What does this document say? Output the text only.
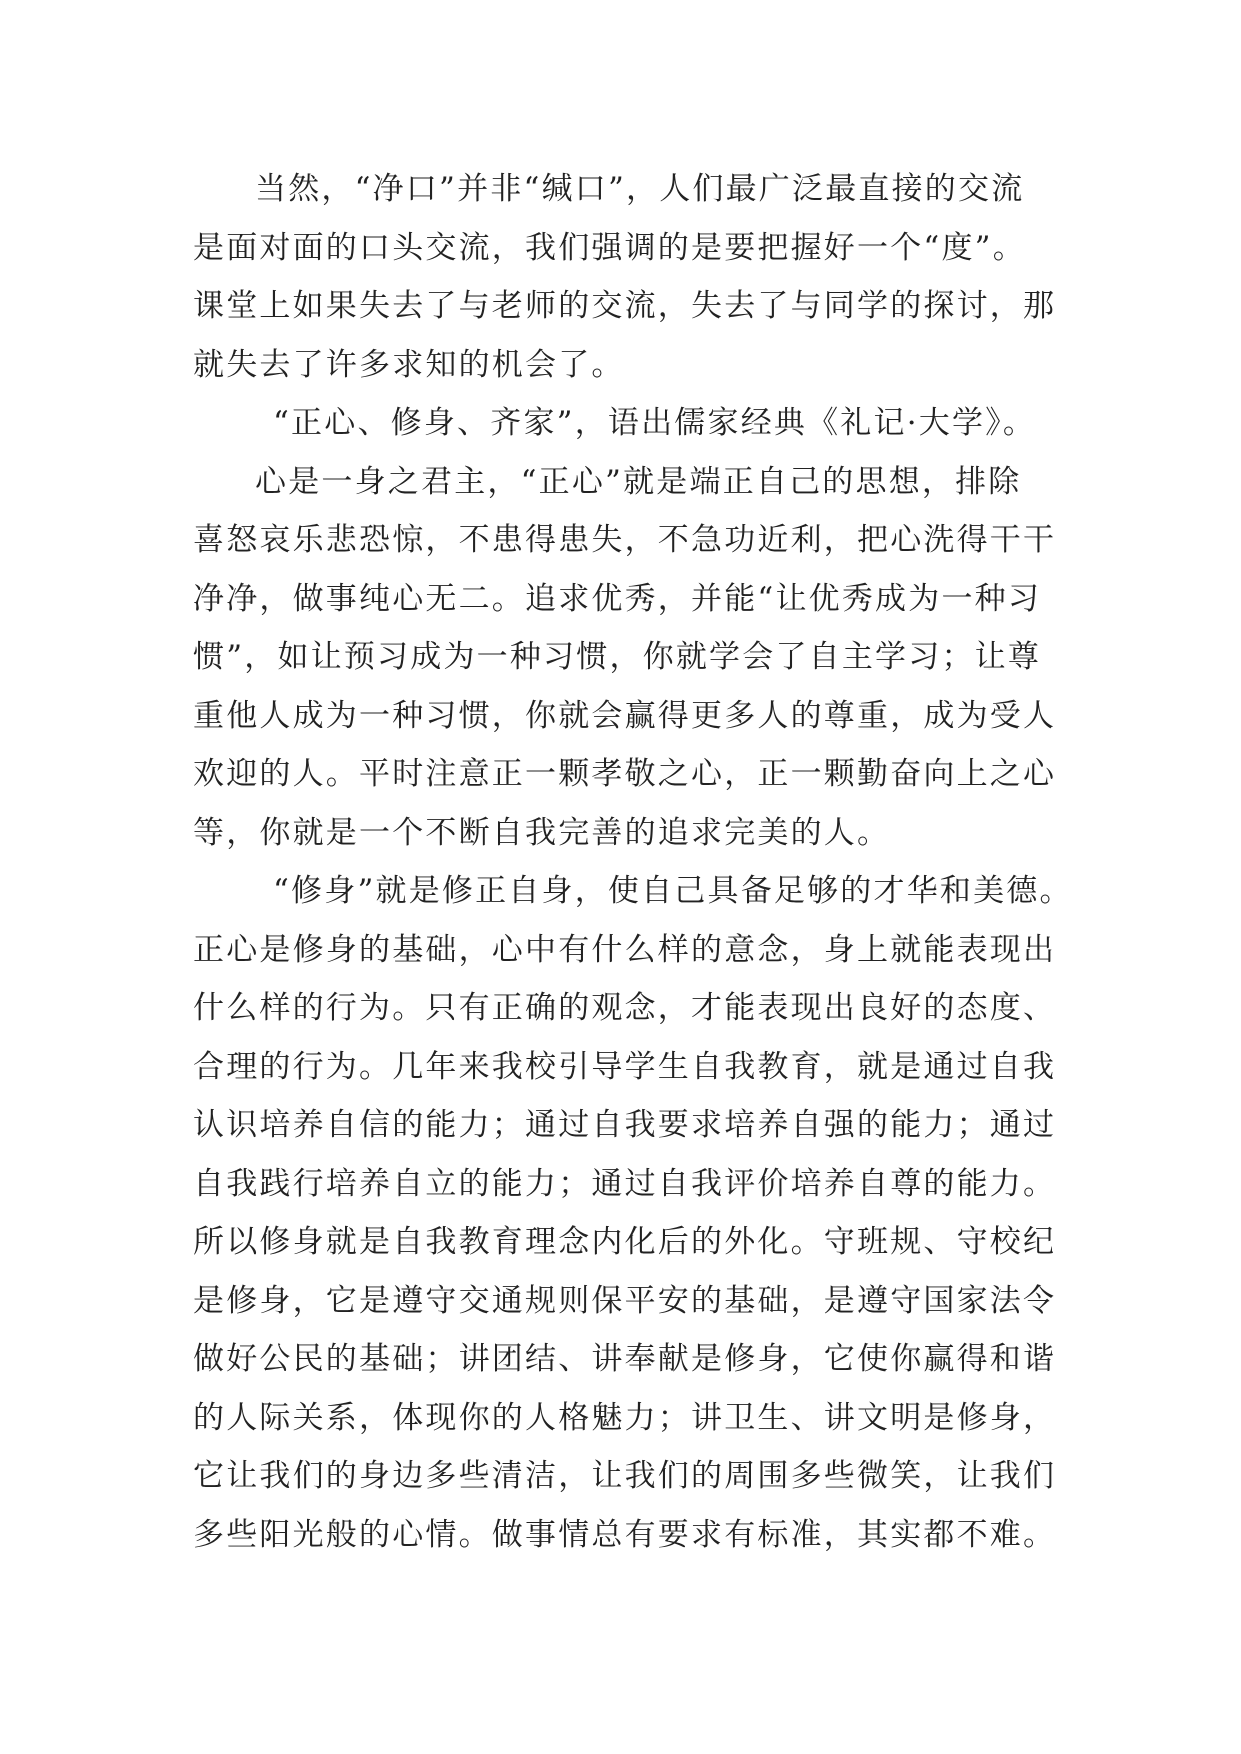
当然，“净口”并非“缄口”，人们最广泛最直接的交流
是面对面的口头交流，我们强调的是要把握好一个“度”。
课堂上如果失去了与老师的交流，失去了与同学的探讨，那
就失去了许多求知的机会了。
“正心、修身、齐家”，语出儒家经典《礼记·大学》。
心是一身之君主，“正心”就是端正自己的思想，排除
喜怒哀乐悲恐惊，不患得患失，不急功近利，把心洗得干干
净净，做事纯心无二。追求优秀，并能“让优秀成为一种习
惯”，如让预习成为一种习惯，你就学会了自主学习；让尊
重他人成为一种习惯，你就会赢得更多人的尊重，成为受人
欢迎的人。平时注意正一颗孝敬之心，正一颗勤奋向上之心
等，你就是一个不断自我完善的追求完美的人。
“修身”就是修正自身，使自己具备足够的才华和美德。
正心是修身的基础，心中有什么样的意念，身上就能表现出
什么样的行为。只有正确的观念，才能表现出良好的态度、
合理的行为。几年来我校引导学生自我教育，就是通过自我
认识培养自信的能力；通过自我要求培养自强的能力；通过
自我践行培养自立的能力；通过自我评价培养自尊的能力。
所以修身就是自我教育理念内化后的外化。守班规、守校纪
是修身，它是遵守交通规则保平安的基础，是遵守国家法令
做好公民的基础；讲团结、讲奉献是修身，它使你赢得和谐
的人际关系，体现你的人格魅力；讲卫生、讲文明是修身，
它让我们的身边多些清洁，让我们的周围多些微笑，让我们
多些阳光般的心情。做事情总有要求有标准，其实都不难。
